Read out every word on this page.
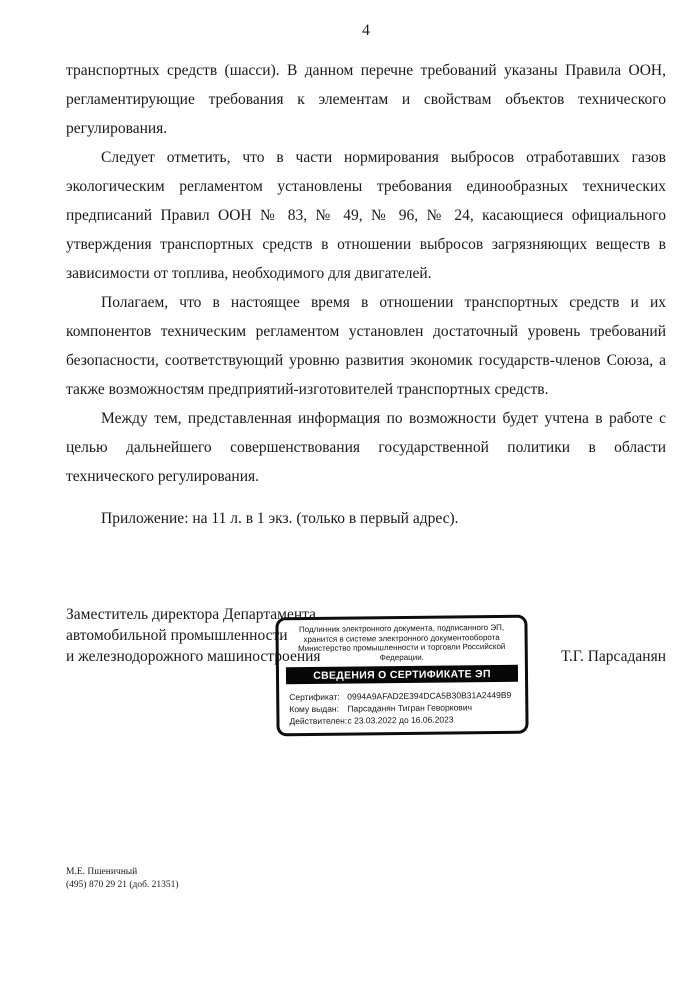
4

транспортных средств (шасси). В данном перечне требований указаны Правила ООН, регламентирующие требования к элементам и свойствам объектов технического регулирования.

Следует отметить, что в части нормирования выбросов отработавших газов экологическим регламентом установлены требования единообразных технических предписаний Правил ООН № 83, № 49, № 96, № 24, касающиеся официального утверждения транспортных средств в отношении выбросов загрязняющих веществ в зависимости от топлива, необходимого для двигателей.

Полагаем, что в настоящее время в отношении транспортных средств и их компонентов техническим регламентом установлен достаточный уровень требований безопасности, соответствующий уровню развития экономик государств-членов Союза, а также возможностям предприятий-изготовителей транспортных средств.

Между тем, представленная информация по возможности будет учтена в работе с целью дальнейшего совершенствования государственной политики в области технического регулирования.

Приложение: на 11 л. в 1 экз. (только в первый адрес).

Заместитель директора Департамента
автомобильной промышленности
и железнодорожного машиностроения	Т.Г. Парсаданян
Подлинник электронного документа, подписанного ЭП,
хранится в системе электронного документооборота
Министерство промышленности и торговли Российской
Федерации.
СВЕДЕНИЯ О СЕРТИФИКАТЕ ЭП
Сертификат: 0994A9AFAD2E394DCA5B30B31A2449B9
Кому выдан: Парсаданян Тигран Геворкович
Действителен: с 23.03.2022 до 16.06.2023
М.Е. Пшеничный
(495) 870 29 21 (доб. 21351)
